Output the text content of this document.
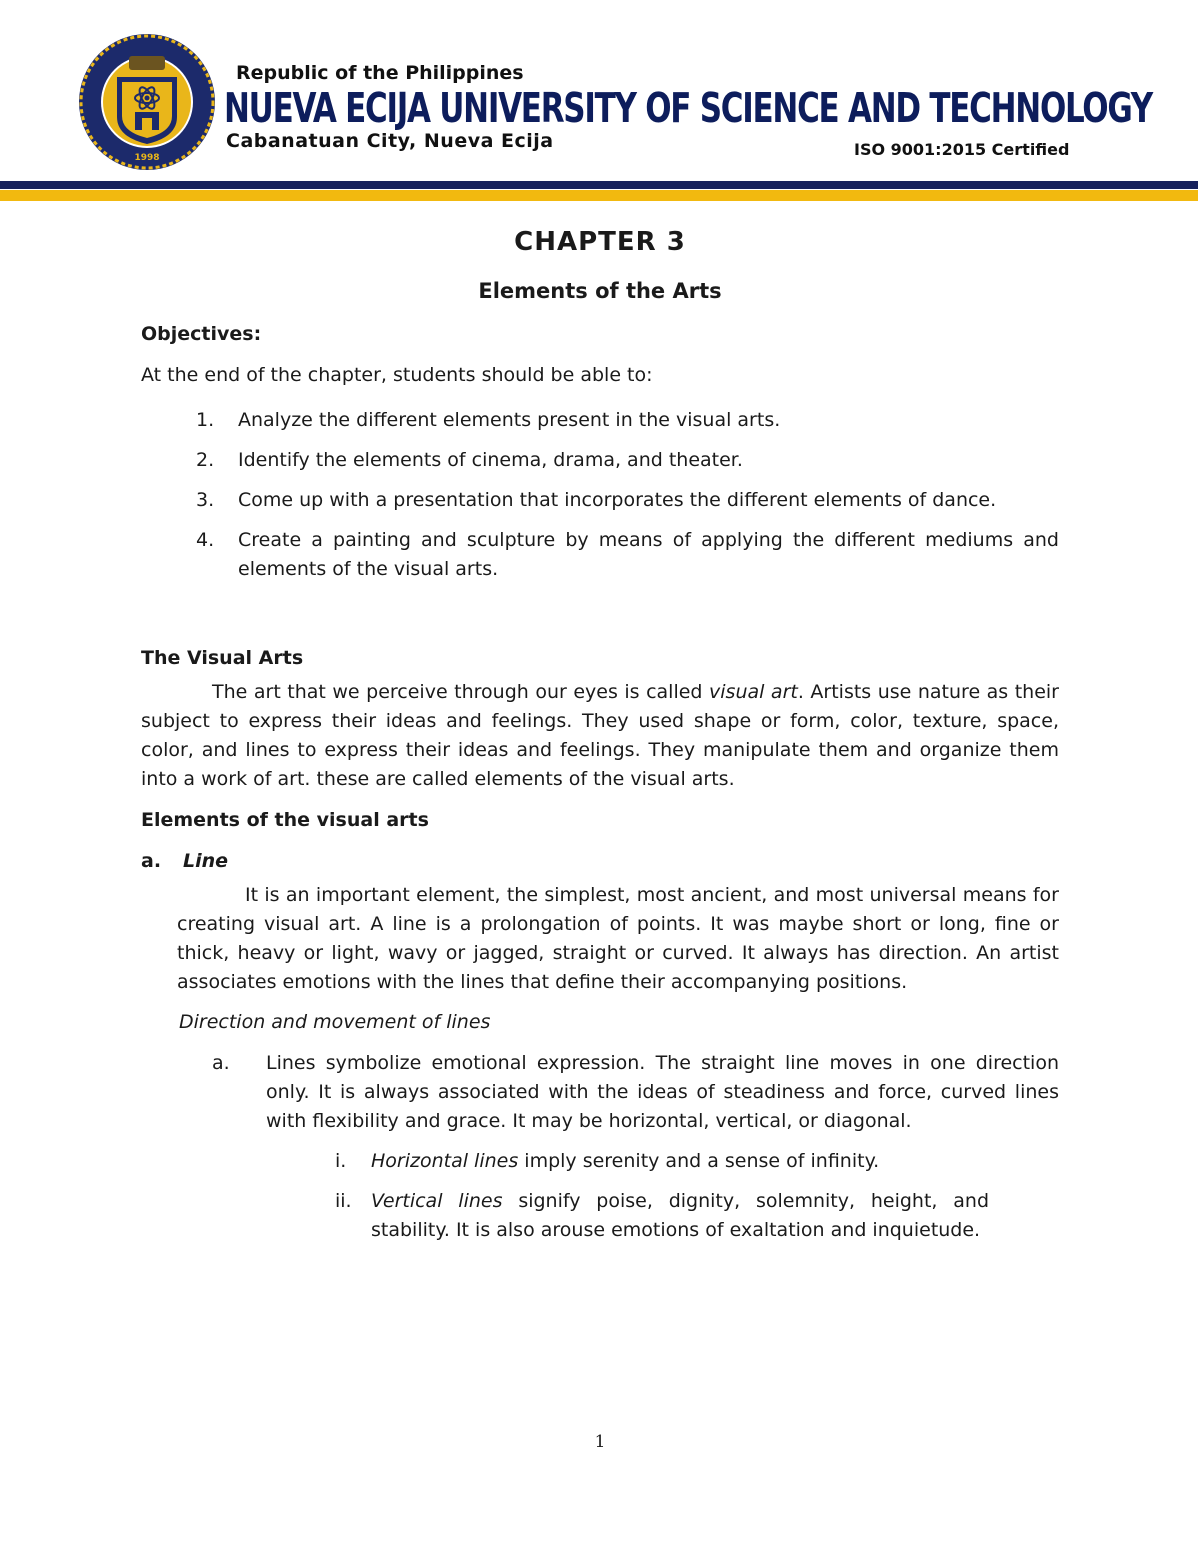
1998
Republic of the Philippines
NUEVA ECIJA UNIVERSITY OF SCIENCE AND TECHNOLOGY
Cabanatuan City, Nueva Ecija	ISO 9001:2015 Certified
CHAPTER 3
Elements of the Arts
Objectives:

At the end of the chapter, students should be able to:

1. Analyze the different elements present in the visual arts.
2. Identify the elements of cinema, drama, and theater.
3. Come up with a presentation that incorporates the different elements of dance.
4. Create a painting and sculpture by means of applying the different mediums and elements of the visual arts.
The Visual Arts

The art that we perceive through our eyes is called visual art. Artists use nature as their subject to express their ideas and feelings. They used shape or form, color, texture, space, color, and lines to express their ideas and feelings. They manipulate them and organize them into a work of art. these are called elements of the visual arts.

Elements of the visual arts
a. Line

It is an important element, the simplest, most ancient, and most universal means for creating visual art. A line is a prolongation of points. It was maybe short or long, fine or thick, heavy or light, wavy or jagged, straight or curved. It always has direction. An artist associates emotions with the lines that define their accompanying positions.

Direction and movement of lines

a. Lines symbolize emotional expression. The straight line moves in one direction only. It is always associated with the ideas of steadiness and force, curved lines with flexibility and grace. It may be horizontal, vertical, or diagonal.

i.	Horizontal lines imply serenity and a sense of infinity.

ii.	Vertical lines signify poise, dignity, solemnity, height, and stability. It is also arouse emotions of exaltation and inquietude.

1
